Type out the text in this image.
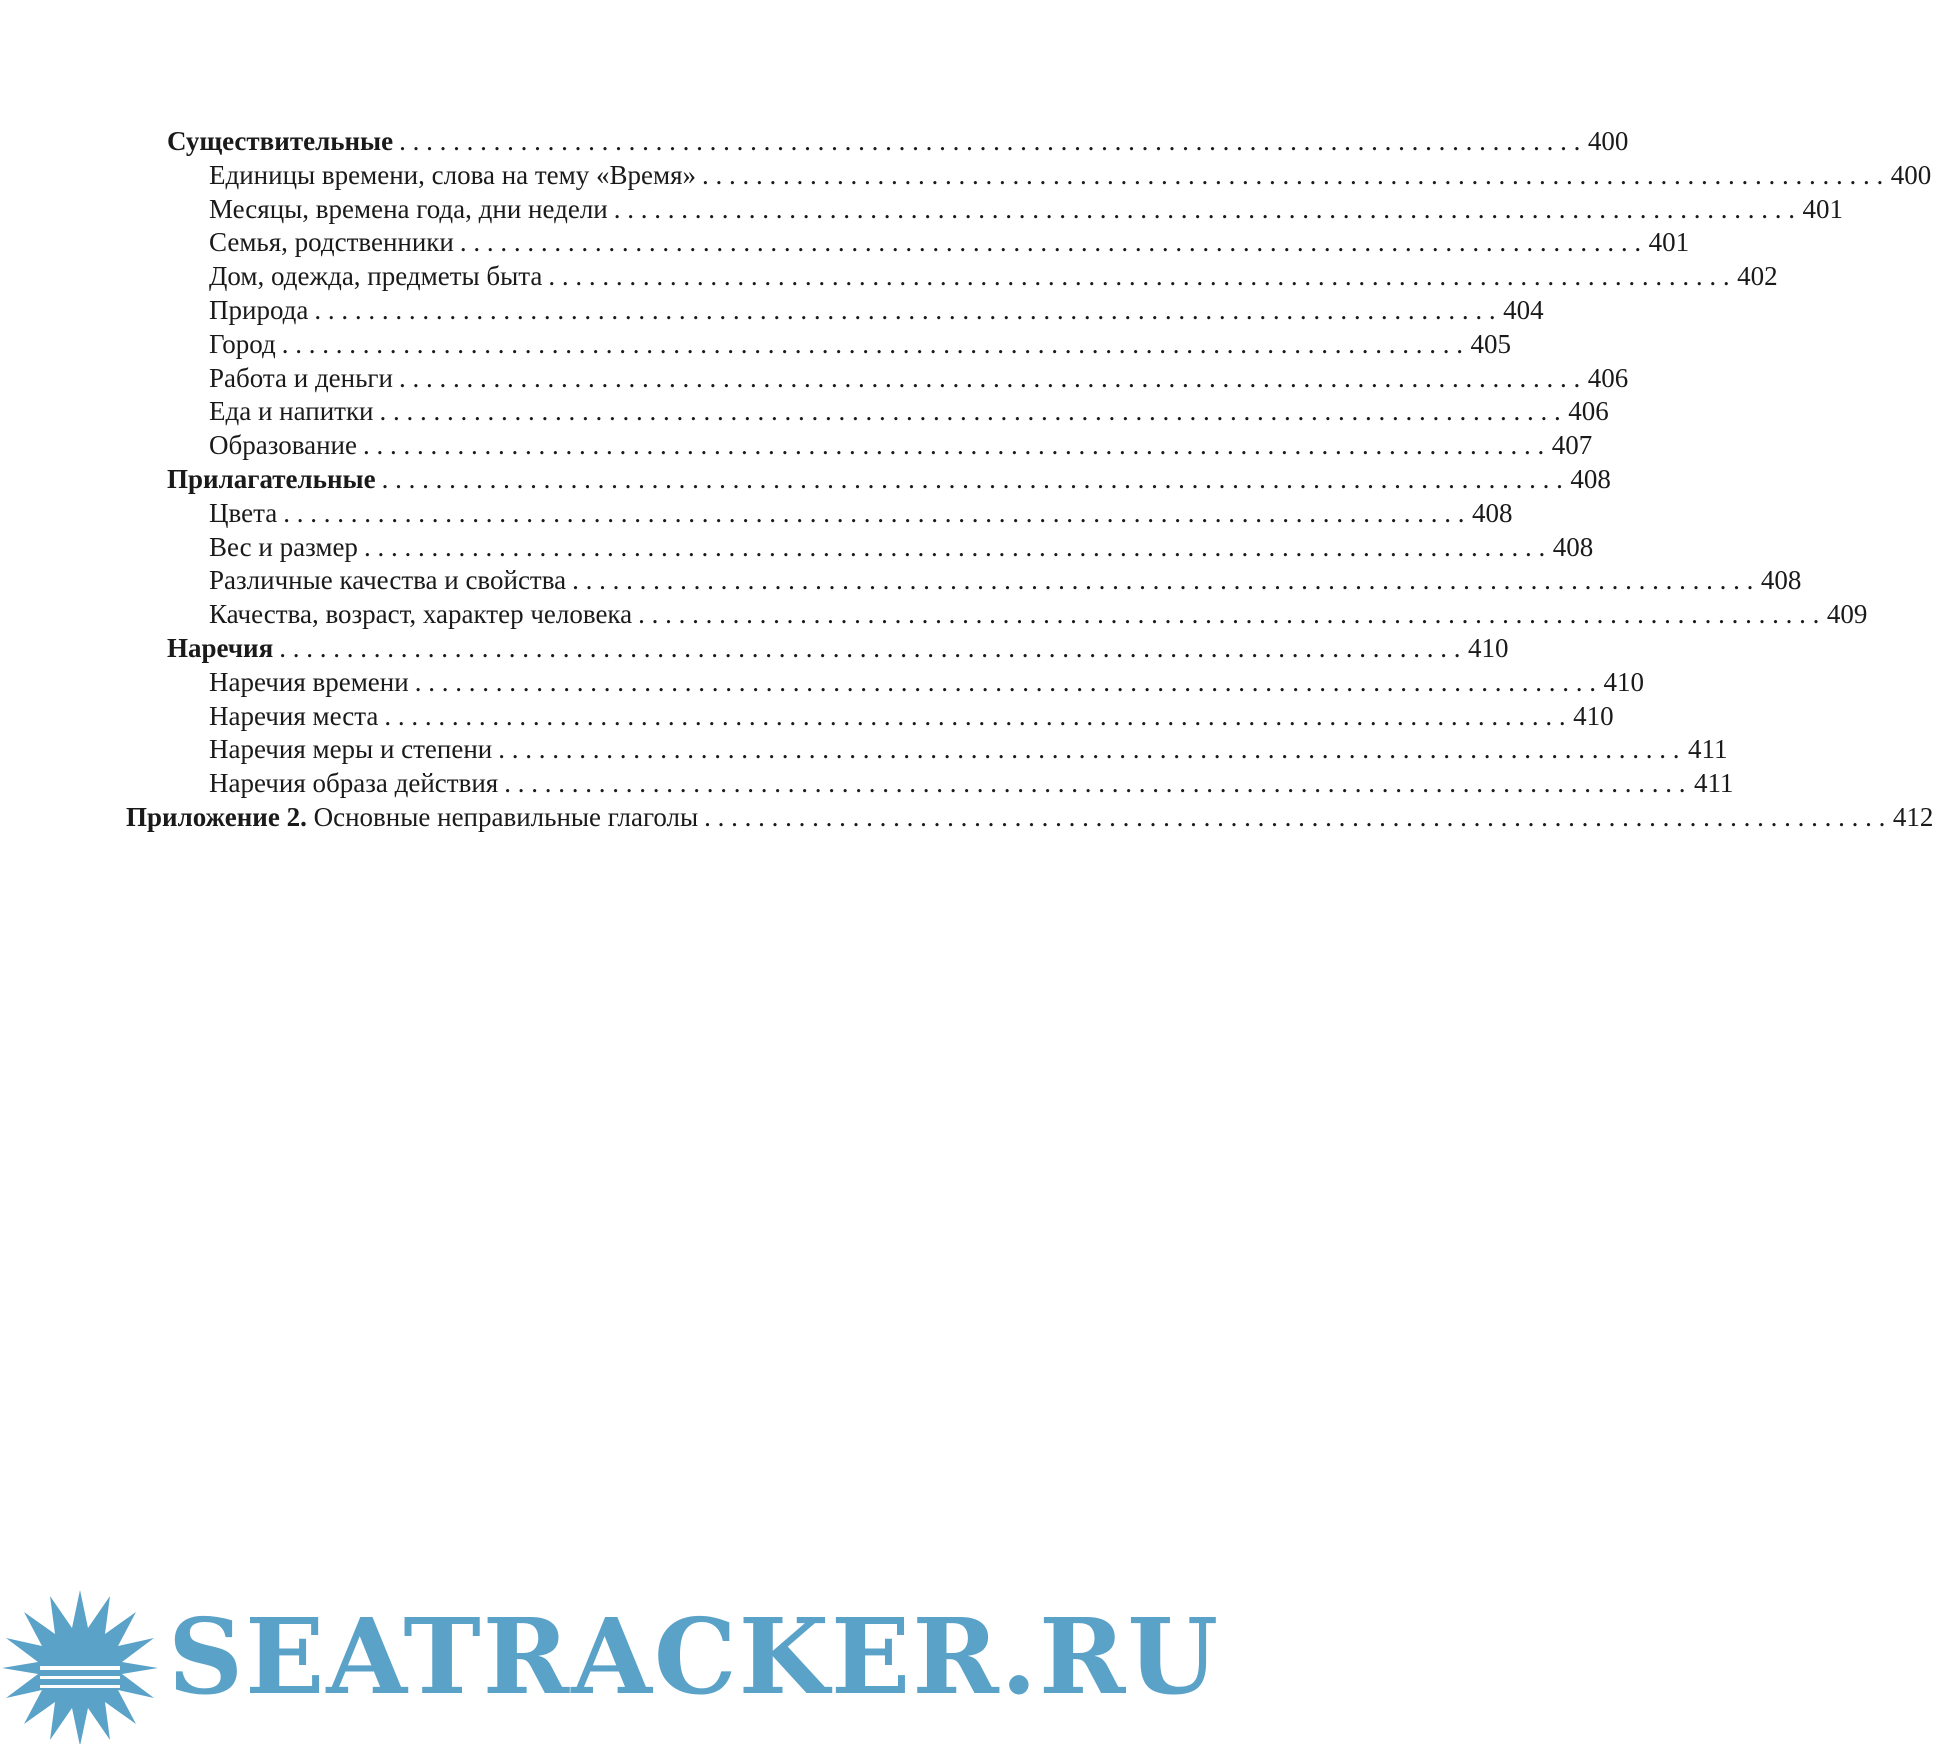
Существительные . . .	400
Единицы времени, слова на тему «Время» . . .	400
Месяцы, времена года, дни недели . . .	401
Семья, родственники . . .	401
Дом, одежда, предметы быта . . .	402
Природа . . .	404
Город . . .	405
Работа и деньги . . .	406
Еда и напитки . . .	406
Образование . . .	407
Прилагательные . . .	408
Цвета . . .	408
Вес и размер . . .	408
Различные качества и свойства . . .	408
Качества, возраст, характер человека . . .	409
Наречия . . .	410
Наречия времени . . .	410
Наречия места . . .	410
Наречия меры и степени . . .	411
Наречия образа действия . . .	411
Приложение 2. Основные неправильные глаголы . . .	412
SEATRACKER.RU
